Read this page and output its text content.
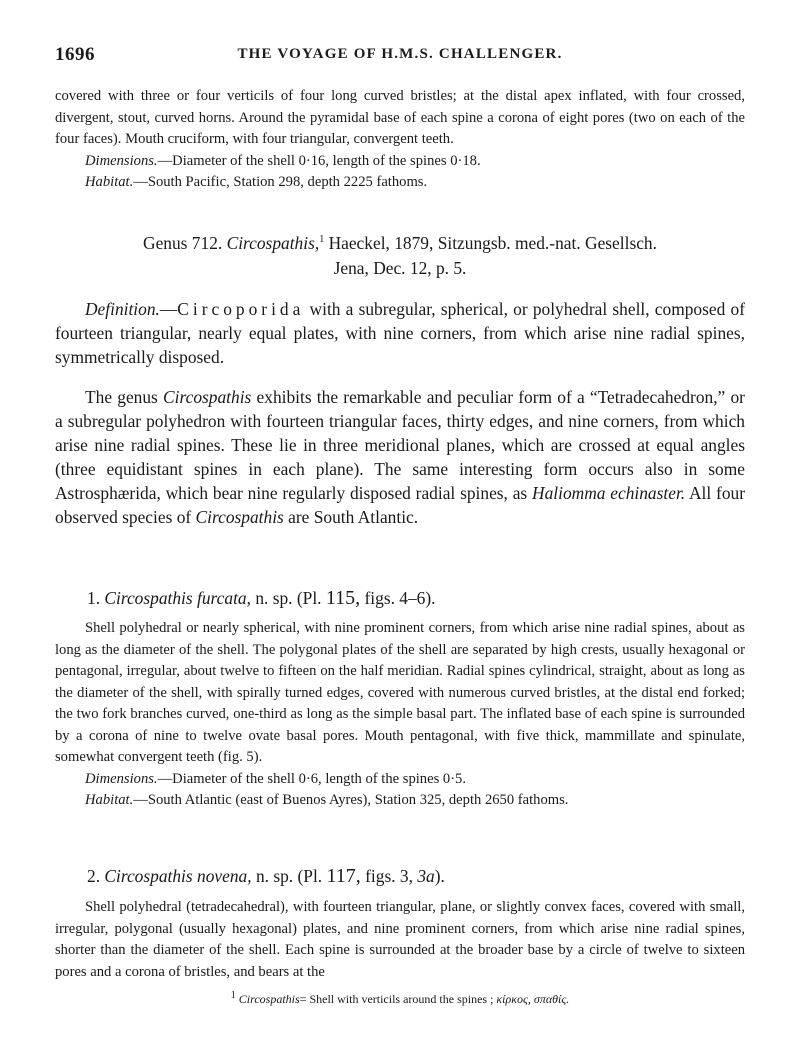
1696	THE VOYAGE OF H.M.S. CHALLENGER.

covered with three or four verticils of four long curved bristles; at the distal apex inflated, with four crossed, divergent, stout, curved horns. Around the pyramidal base of each spine a corona of eight pores (two on each of the four faces). Mouth cruciform, with four triangular, convergent teeth.

Dimensions.—Diameter of the shell 0·16, length of the spines 0·18.

Habitat.—South Pacific, Station 298, depth 2225 fathoms.

Genus 712. Circospathis,$^1$ Haeckel, 1879, Sitzungsb. med.-nat. Gesellsch.
Jena, Dec. 12, p. 5.

Definition.—Circoporida with a subregular, spherical, or polyhedral shell, composed of fourteen triangular, nearly equal plates, with nine corners, from which arise nine radial spines, symmetrically disposed.

The genus Circospathis exhibits the remarkable and peculiar form of a “Tetradecahedron,” or a subregular polyhedron with fourteen triangular faces, thirty edges, and nine corners, from which arise nine radial spines. These lie in three meridional planes, which are crossed at equal angles (three equidistant spines in each plane). The same interesting form occurs also in some Astrosphærida, which bear nine regularly disposed radial spines, as Haliomma echinaster. All four observed species of Circospathis are South Atlantic.

1. Circospathis furcata, n. sp. (Pl. 115, figs. 4–6).

Shell polyhedral or nearly spherical, with nine prominent corners, from which arise nine radial spines, about as long as the diameter of the shell. The polygonal plates of the shell are separated by high crests, usually hexagonal or pentagonal, irregular, about twelve to fifteen on the half meridian. Radial spines cylindrical, straight, about as long as the diameter of the shell, with spirally turned edges, covered with numerous curved bristles, at the distal end forked; the two fork branches curved, one-third as long as the simple basal part. The inflated base of each spine is surrounded by a corona of nine to twelve ovate basal pores. Mouth pentagonal, with five thick, mammillate and spinulate, somewhat convergent teeth (fig. 5).

Dimensions.—Diameter of the shell 0·6, length of the spines 0·5.

Habitat.—South Atlantic (east of Buenos Ayres), Station 325, depth 2650 fathoms.

2. Circospathis novena, n. sp. (Pl. 117, figs. 3, 3a).

Shell polyhedral (tetradecahedral), with fourteen triangular, plane, or slightly convex faces, covered with small, irregular, polygonal (usually hexagonal) plates, and nine prominent corners, from which arise nine radial spines, shorter than the diameter of the shell. Each spine is surrounded at the broader base by a circle of twelve to sixteen pores and a corona of bristles, and bears at the

$^1$ Circospathis= Shell with verticils around the spines ; κίρκος, σπαθίς.
